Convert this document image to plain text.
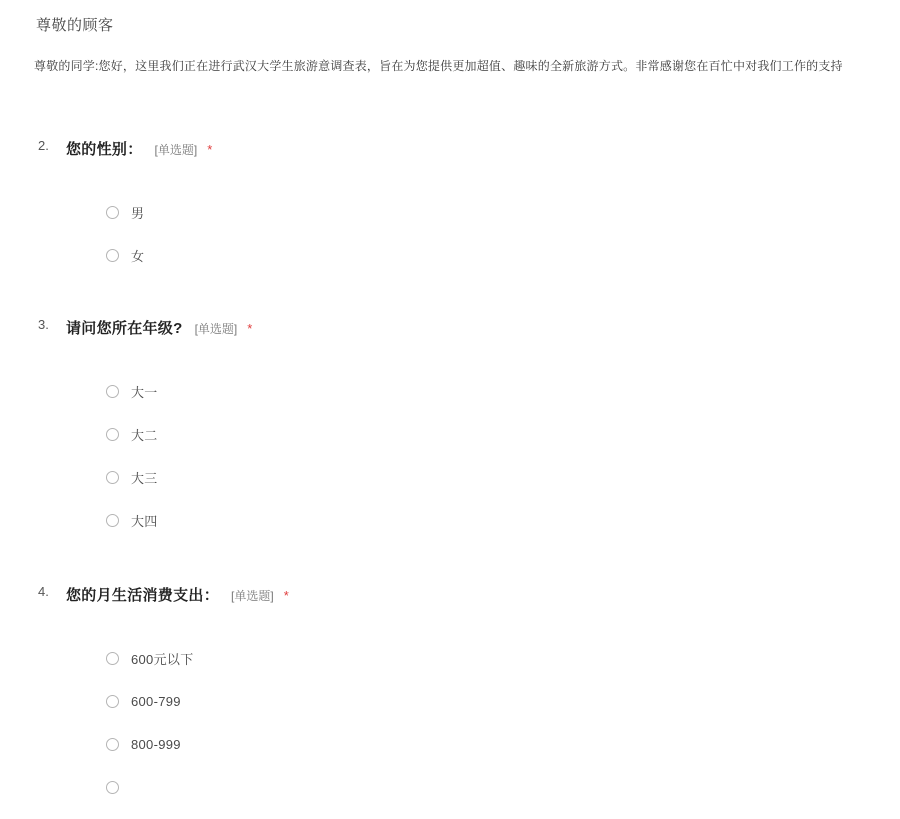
尊敬的顾客
尊敬的同学:您好，这里我们正在进行武汉大学生旅游意调查表，旨在为您提供更加超值、趣味的全新旅游方式。非常感谢您在百忙中对我们工作的支持
2. 您的性别： [单选题] *
男
女
3. 请问您所在年级? [单选题] *
大一
大二
大三
大四
4. 您的月生活消费支出： [单选题] *
600元以下
600-799
800-999
